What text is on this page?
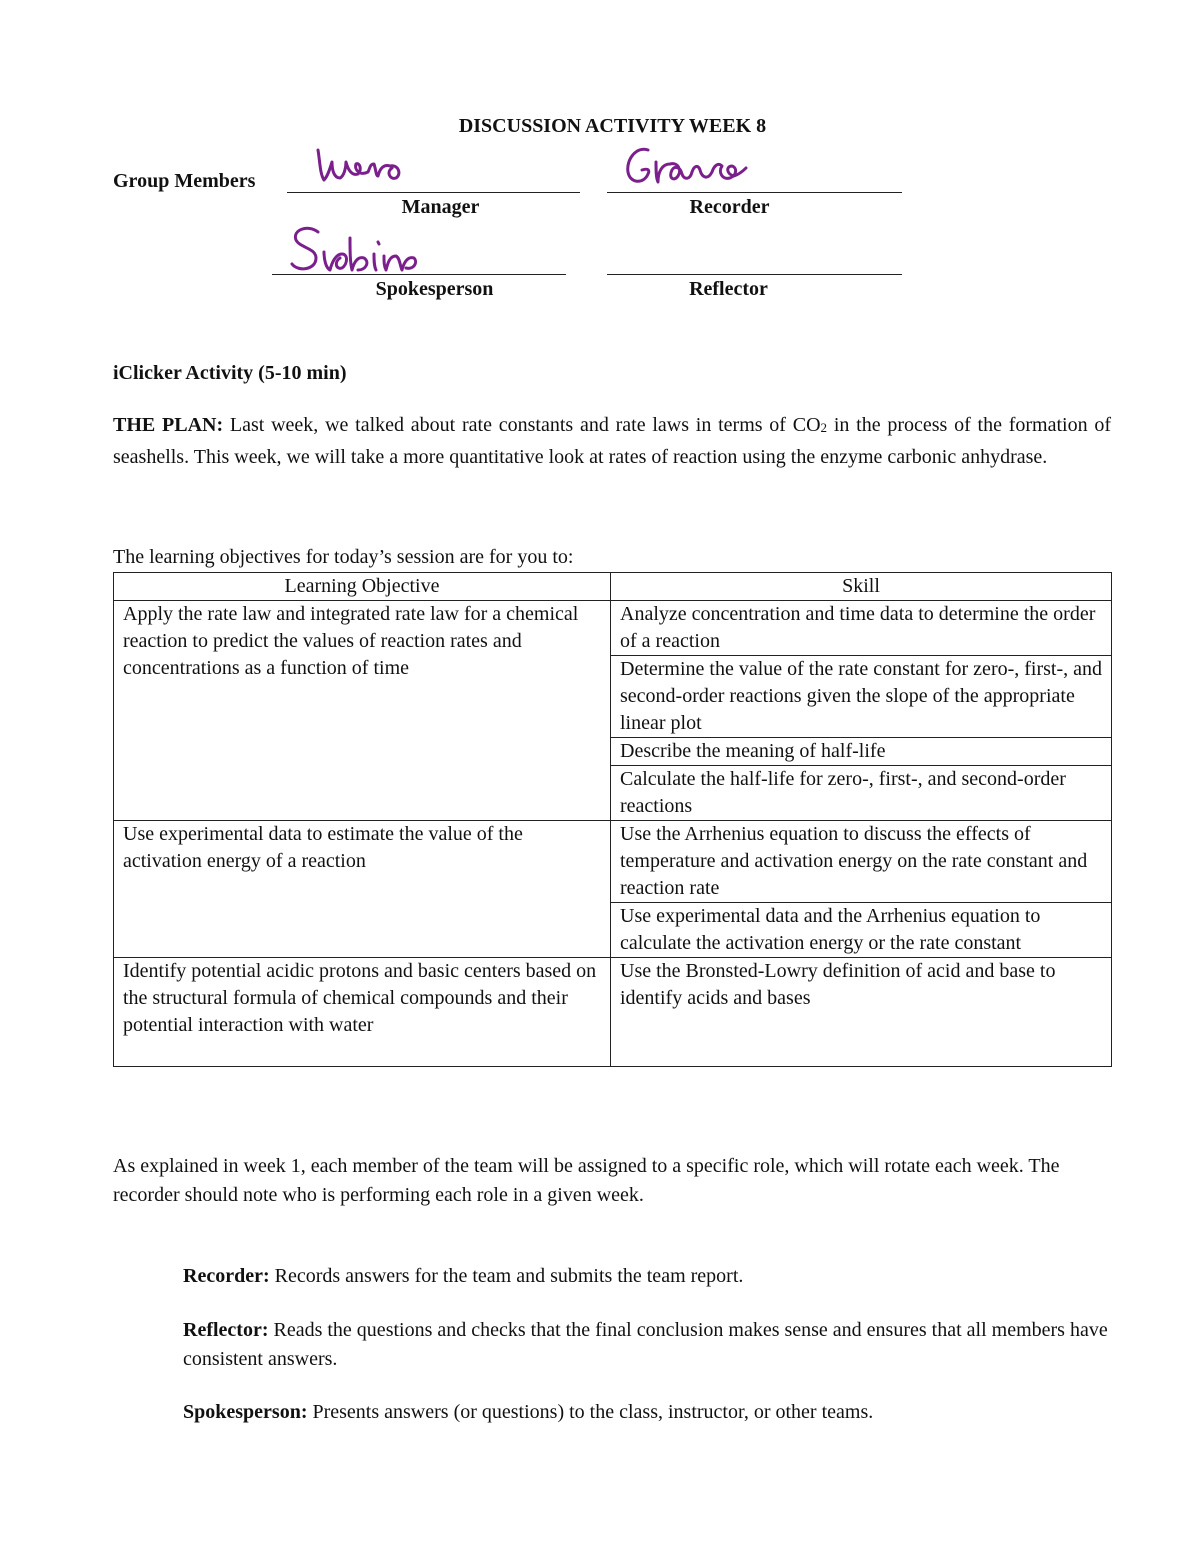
DISCUSSION ACTIVITY WEEK 8
Group Members
Manager	Recorder
Spokesperson	Reflector
iClicker Activity (5-10 min)
THE PLAN: Last week, we talked about rate constants and rate laws in terms of $CO_2$ in the process of the formation of seashells. This week, we will take a more quantitative look at rates of reaction using the enzyme carbonic anhydrase.
The learning objectives for today’s session are for you to:
Learning Objective	Skill
Apply the rate law and integrated rate law for a chemical reaction to predict the values of reaction rates and concentrations as a function of time	Analyze concentration and time data to determine the order of a reaction
	Determine the value of the rate constant for zero-, first-, and second-order reactions given the slope of the appropriate linear plot
	Describe the meaning of half-life
	Calculate the half-life for zero-, first-, and second-order reactions
Use experimental data to estimate the value of the activation energy of a reaction	Use the Arrhenius equation to discuss the effects of temperature and activation energy on the rate constant and reaction rate
	Use experimental data and the Arrhenius equation to calculate the activation energy or the rate constant
Identify potential acidic protons and basic centers based on the structural formula of chemical compounds and their potential interaction with water	Use the Bronsted-Lowry definition of acid and base to identify acids and bases
As explained in week 1, each member of the team will be assigned to a specific role, which will rotate each week. The recorder should note who is performing each role in a given week.
Recorder: Records answers for the team and submits the team report.
Reflector: Reads the questions and checks that the final conclusion makes sense and ensures that all members have consistent answers.
Spokesperson: Presents answers (or questions) to the class, instructor, or other teams.
